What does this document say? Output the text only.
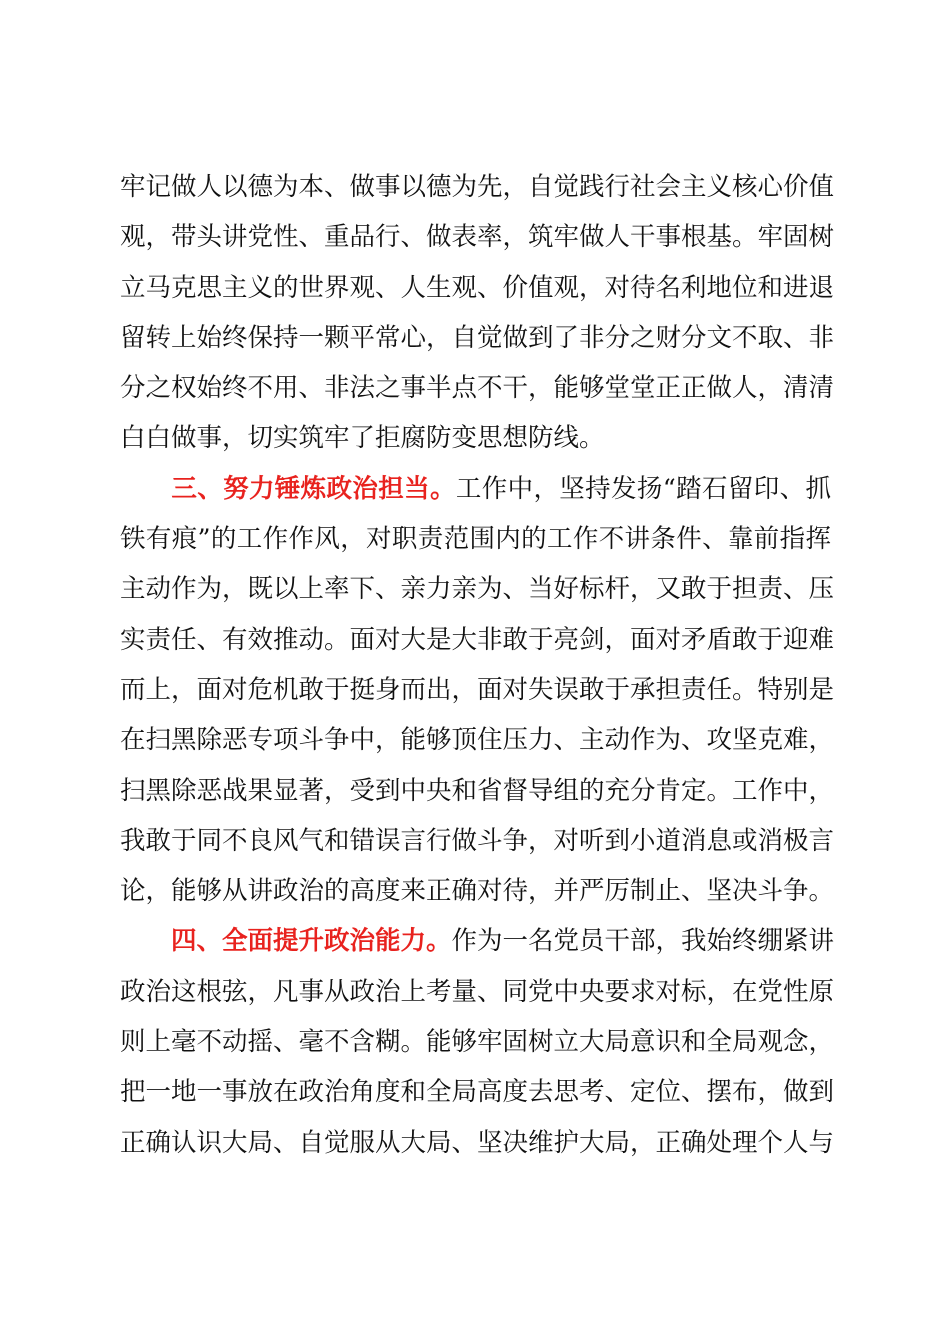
牢记做人以德为本、做事以德为先，自觉践行社会主义核心价值
观，带头讲党性、重品行、做表率，筑牢做人干事根基。牢固树
立马克思主义的世界观、人生观、价值观，对待名利地位和进退
留转上始终保持一颗平常心，自觉做到了非分之财分文不取、非
分之权始终不用、非法之事半点不干，能够堂堂正正做人，清清
白白做事，切实筑牢了拒腐防变思想防线。
三、努力锤炼政治担当。工作中，坚持发扬“踏石留印、抓
铁有痕”的工作作风，对职责范围内的工作不讲条件、靠前指挥
主动作为，既以上率下、亲力亲为、当好标杆，又敢于担责、压
实责任、有效推动。面对大是大非敢于亮剑，面对矛盾敢于迎难
而上，面对危机敢于挺身而出，面对失误敢于承担责任。特别是
在扫黑除恶专项斗争中，能够顶住压力、主动作为、攻坚克难，
扫黑除恶战果显著，受到中央和省督导组的充分肯定。工作中，
我敢于同不良风气和错误言行做斗争，对听到小道消息或消极言
论，能够从讲政治的高度来正确对待，并严厉制止、坚决斗争。
四、全面提升政治能力。作为一名党员干部，我始终绷紧讲
政治这根弦，凡事从政治上考量、同党中央要求对标，在党性原
则上毫不动摇、毫不含糊。能够牢固树立大局意识和全局观念，
把一地一事放在政治角度和全局高度去思考、定位、摆布，做到
正确认识大局、自觉服从大局、坚决维护大局，正确处理个人与
